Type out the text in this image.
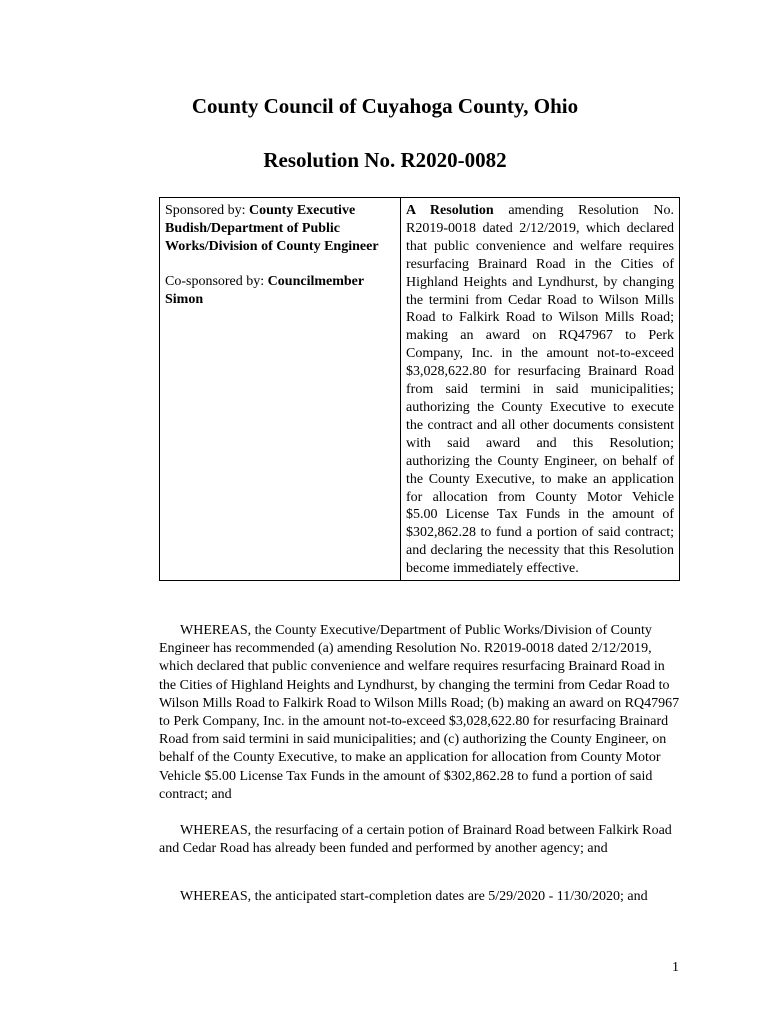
County Council of Cuyahoga County, Ohio
Resolution No. R2020-0082
Sponsored by: County Executive Budish/Department of Public Works/Division of County Engineer
Co-sponsored by: Councilmember Simon
	A Resolution amending Resolution No. R2019-0018 dated 2/12/2019, which declared that public convenience and welfare requires resurfacing Brainard Road in the Cities of Highland Heights and Lyndhurst, by changing the termini from Cedar Road to Wilson Mills Road to Falkirk Road to Wilson Mills Road; making an award on RQ47967 to Perk Company, Inc. in the amount not-to-exceed $3,028,622.80 for resurfacing Brainard Road from said termini in said municipalities; authorizing the County Executive to execute the contract and all other documents consistent with said award and this Resolution; authorizing the County Engineer, on behalf of the County Executive, to make an application for allocation from County Motor Vehicle $5.00 License Tax Funds in the amount of $302,862.28 to fund a portion of said contract; and declaring the necessity that this Resolution become immediately effective.

WHEREAS, the County Executive/Department of Public Works/Division of County Engineer has recommended (a) amending Resolution No. R2019-0018 dated 2/12/2019, which declared that public convenience and welfare requires resurfacing Brainard Road in the Cities of Highland Heights and Lyndhurst, by changing the termini from Cedar Road to Wilson Mills Road to Falkirk Road to Wilson Mills Road; (b) making an award on RQ47967 to Perk Company, Inc. in the amount not-to-exceed $3,028,622.80 for resurfacing Brainard Road from said termini in said municipalities; and (c) authorizing the County Engineer, on behalf of the County Executive, to make an application for allocation from County Motor Vehicle $5.00 License Tax Funds in the amount of $302,862.28 to fund a portion of said contract; and

WHEREAS, the resurfacing of a certain potion of Brainard Road between Falkirk Road and Cedar Road has already been funded and performed by another agency; and

WHEREAS, the anticipated start-completion dates are 5/29/2020 - 11/30/2020; and

1
